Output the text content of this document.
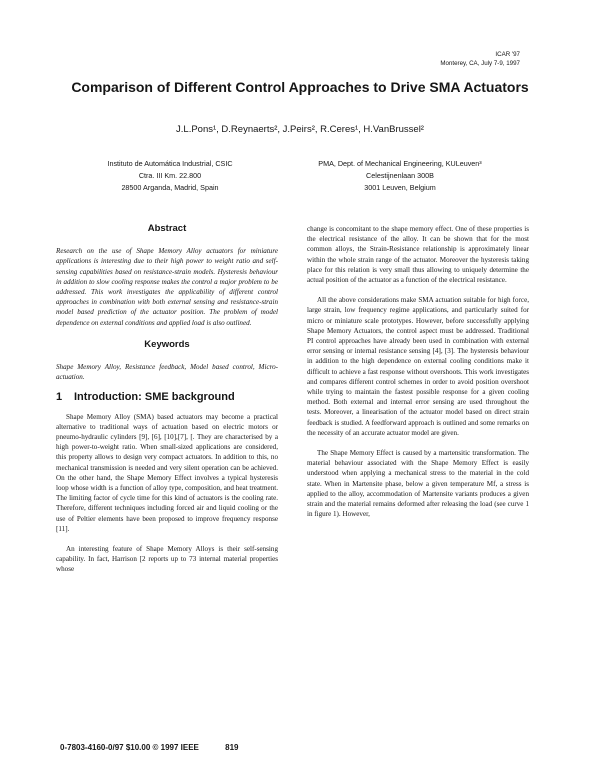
ICAR '97
Monterey, CA, July 7-9, 1997
Comparison of Different Control Approaches to Drive SMA Actuators
J.L.Pons¹, D.Reynaerts², J.Peirs², R.Ceres¹, H.VanBrussel²
Instituto de Automática Industrial, CSIC
Ctra. III Km. 22.800
28500 Arganda, Madrid, Spain
PMA, Dept. of Mechanical Engineering, KULeuven³
Celestijnenlaan 300B
3001 Leuven, Belgium
Abstract

Research on the use of Shape Memory Alloy actuators for miniature applications is interesting due to their high power to weight ratio and self-sensing capabilities based on resistance-strain models. Hysteresis behaviour in addition to slow cooling response makes the control a major problem to be addressed. This work investigates the applicability of different control approaches in combination with both external sensing and resistance-strain model based prediction of the actuator position. The problem of model dependence on external conditions and applied load is also outlined.

Keywords

Shape Memory Alloy, Resistance feedback, Model based control, Micro-actuation.

1 Introduction: SME background

Shape Memory Alloy (SMA) based actuators may become a practical alternative to traditional ways of actuation based on electric motors or pneumo-hydraulic cylinders [9], [6], [10],[7], [. They are characterised by a high power-to-weight ratio. When small-sized applications are considered, this property allows to design very compact actuators. In addition to this, no mechanical transmission is needed and very silent operation can be achieved. On the other hand, the Shape Memory Effect involves a typical hysteresis loop whose width is a function of alloy type, composition, and heat treatment. The limiting factor of cycle time for this kind of actuators is the cooling rate. Therefore, different techniques including forced air and liquid cooling or the use of Peltier elements have been proposed to improve frequency response [11].

An interesting feature of Shape Memory Alloys is their self-sensing capability. In fact, Harrison [2 reports up to 73 internal material properties whose

change is concomitant to the shape memory effect. One of these properties is the electrical resistance of the alloy. It can be shown that for the most common alloys, the Strain-Resistance relationship is approximately linear within the whole strain range of the actuator. Moreover the hysteresis taking place for this relation is very small thus allowing to uniquely determine the actual position of the actuator as a function of the electrical resistance.

All the above considerations make SMA actuation suitable for high force, large strain, low frequency regime applications, and particularly suited for micro or miniature scale prototypes. However, before successfully applying Shape Memory Actuators, the control aspect must be addressed. Traditional PI control approaches have already been used in combination with external error sensing or internal resistance sensing [4], [3]. The hysteresis behaviour in addition to the high dependence on external cooling conditions make it difficult to achieve a fast response without overshoots. This work investigates and compares different control schemes in order to avoid position overshoot while trying to maintain the fastest possible response for a given cooling method. Both external and internal error sensing are used throughout the tests. Moreover, a linearisation of the actuator model based on direct strain feedback is studied. A feedforward approach is outlined and some remarks on the necessity of an accurate actuator model are given.

The Shape Memory Effect is caused by a martensitic transformation. The material behaviour associated with the Shape Memory Effect is easily understood when applying a mechanical stress to the material in the cold state. When in Martensite phase, below a given temperature Mf, a stress is applied to the alloy, accommodation of Martensite variants produces a given strain and the material remains deformed after releasing the load (see curve 1 in figure 1). However,

0-7803-4160-0/97 $10.00 © 1997 IEEE	819
